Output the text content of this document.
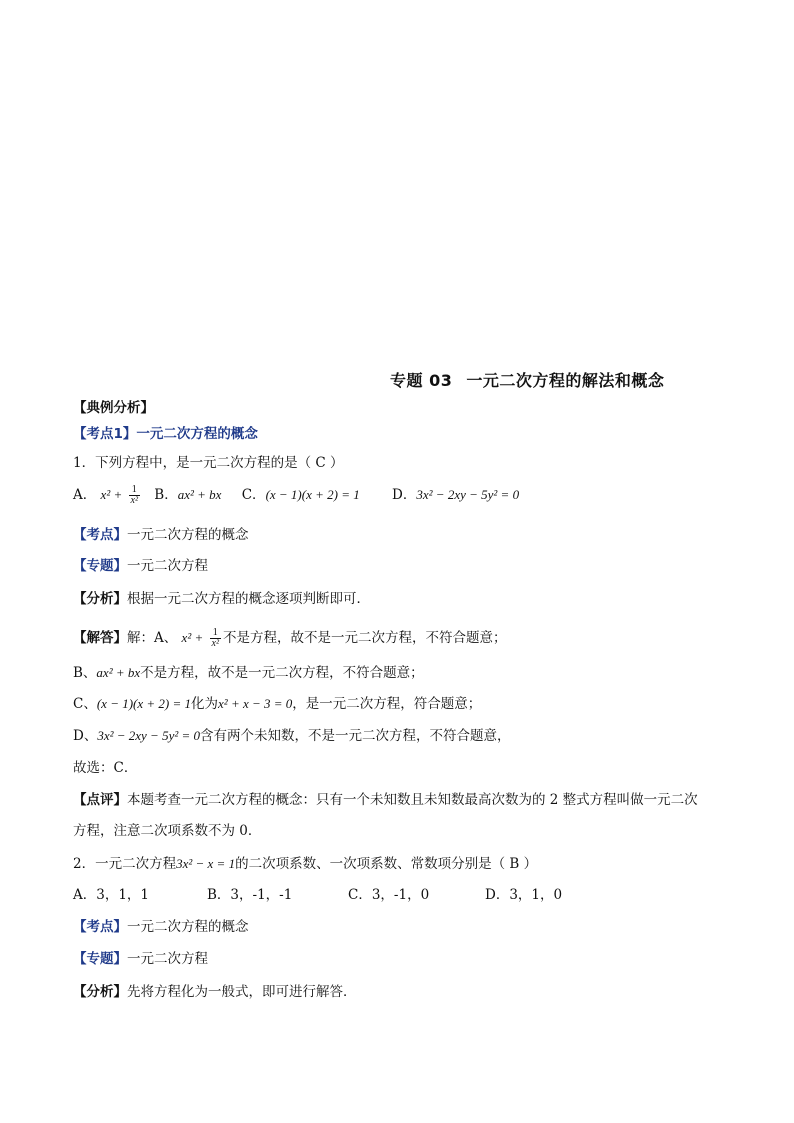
专题 03 一元二次方程的解法和概念
【典例分析】
【考点1】一元二次方程的概念
1．下列方程中，是一元二次方程的是（ C ）
A． $x^2 + \frac{1}{\text{x²}}$ B．ax² + bx C．(x − 1)(x + 2) = 1 D．3x² − 2xy − 5y² = 0
【考点】一元二次方程的概念
【专题】一元二次方程
【分析】根据一元二次方程的概念逐项判断即可．
【解答】解：A、 $x^2 + \frac{1}{\text{x²}}$ 不是方程，故不是一元二次方程，不符合题意；
B、ax² + bx不是方程，故不是一元二次方程，不符合题意；
C、(x − 1)(x + 2) = 1化为x² + x − 3 = 0，是一元二次方程，符合题意；
D、3x² − 2xy − 5y² = 0含有两个未知数，不是一元二次方程，不符合题意，
故选：C．
【点评】本题考查一元二次方程的概念：只有一个未知数且未知数最高次数为的 2 整式方程叫做一元二次
方程，注意二次项系数不为 0．
2．一元二次方程3x² − x = 1的二次项系数、一次项系数、常数项分别是（ B ）
A．3，1，1	B．3，-1，-1	C．3，-1，0	D．3，1，0
【考点】一元二次方程的概念
【专题】一元二次方程
【分析】先将方程化为一般式，即可进行解答．
